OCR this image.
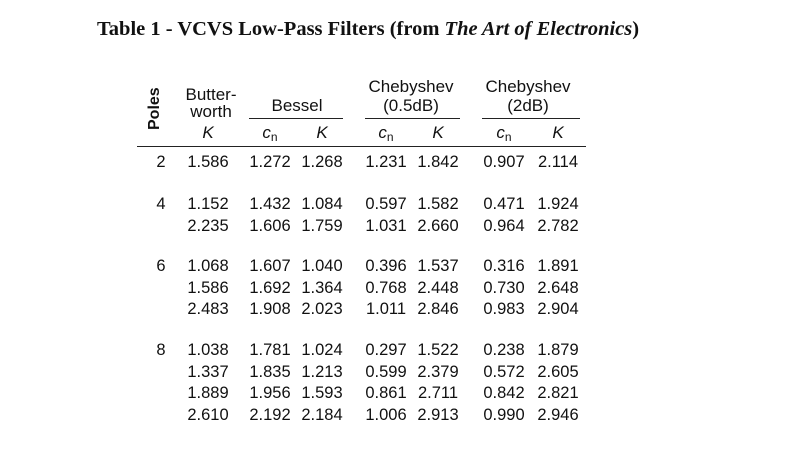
Table 1 - VCVS Low-Pass Filters (from The Art of Electronics)
Poles Butter-
worth
K
Bessel
cn K
Chebyshev
(0.5dB)
cn K
Chebyshev
(2dB)
cn K
2 1.586 1.272 1.268 1.231 1.842 0.907 2.114
4 1.152 1.432 1.084 0.597 1.582 0.471 1.924
2.235 1.606 1.759 1.031 2.660 0.964 2.782
6 1.068 1.607 1.040 0.396 1.537 0.316 1.891
1.586 1.692 1.364 0.768 2.448 0.730 2.648
2.483 1.908 2.023 1.011 2.846 0.983 2.904
8 1.038 1.781 1.024 0.297 1.522 0.238 1.879
1.337 1.835 1.213 0.599 2.379 0.572 2.605
1.889 1.956 1.593 0.861 2.711 0.842 2.821
2.610 2.192 2.184 1.006 2.913 0.990 2.946
